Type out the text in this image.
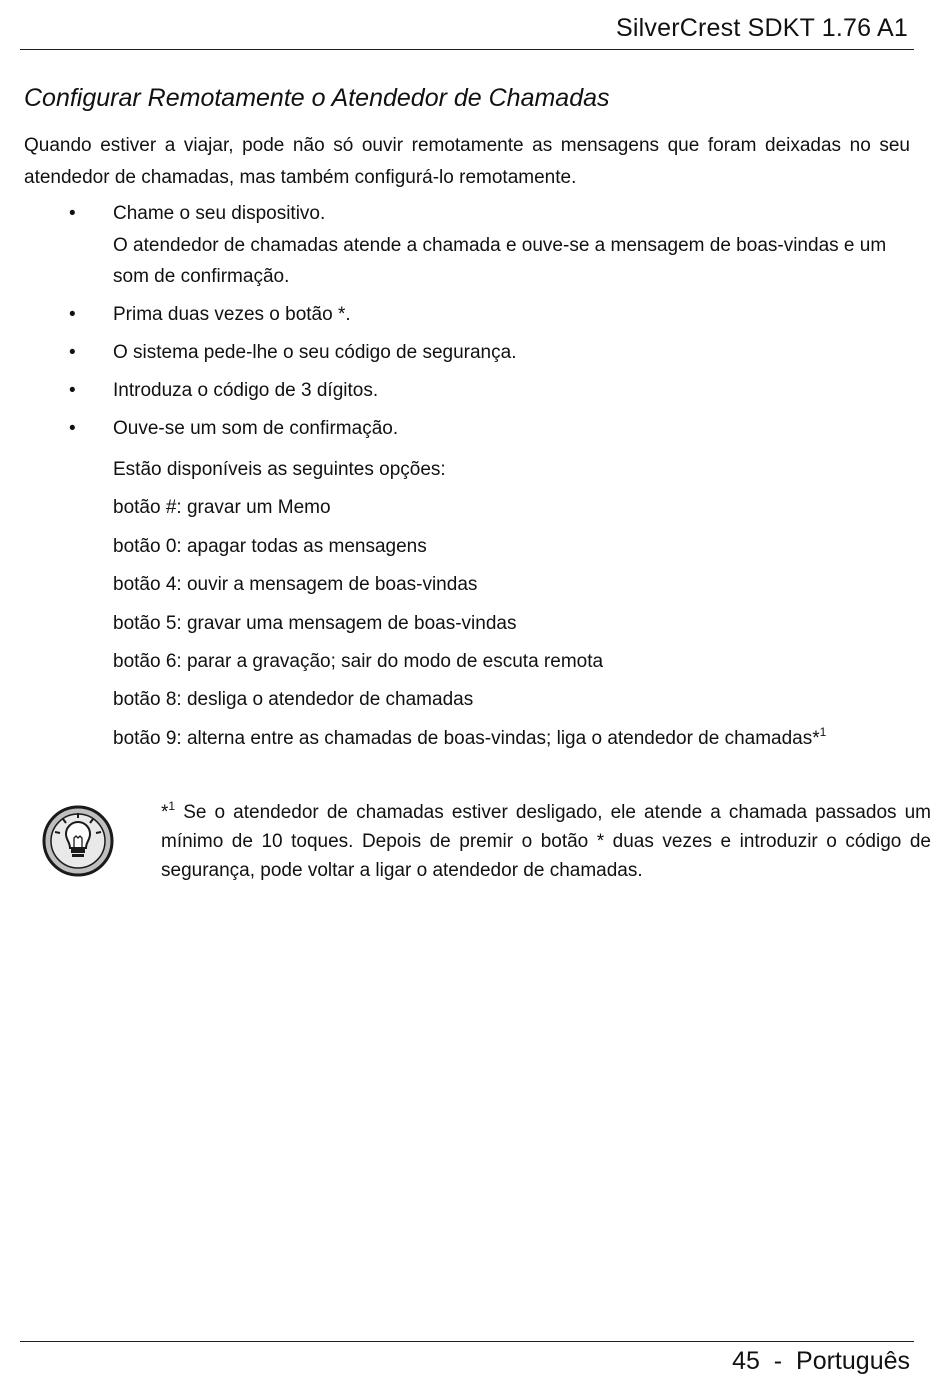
SilverCrest SDKT 1.76 A1
Configurar Remotamente o Atendedor de Chamadas

Quando estiver a viajar, pode não só ouvir remotamente as mensagens que foram deixadas no seu atendedor de chamadas, mas também configurá-lo remotamente.

• Chame o seu dispositivo.
O atendedor de chamadas atende a chamada e ouve-se a mensagem de boas-vindas e um som de confirmação.
• Prima duas vezes o botão *.
• O sistema pede-lhe o seu código de segurança.
• Introduza o código de 3 dígitos.
• Ouve-se um som de confirmação.
Estão disponíveis as seguintes opções:
botão #: gravar um Memo
botão 0: apagar todas as mensagens
botão 4: ouvir a mensagem de boas-vindas
botão 5: gravar uma mensagem de boas-vindas
botão 6: parar a gravação; sair do modo de escuta remota
botão 8: desliga o atendedor de chamadas
botão 9: alterna entre as chamadas de boas-vindas; liga o atendedor de chamadas*$^1$

*$^1$ Se o atendedor de chamadas estiver desligado, ele atende a chamada passados um mínimo de 10 toques. Depois de premir o botão * duas vezes e introduzir o código de segurança, pode voltar a ligar o atendedor de chamadas.

45 - Português
